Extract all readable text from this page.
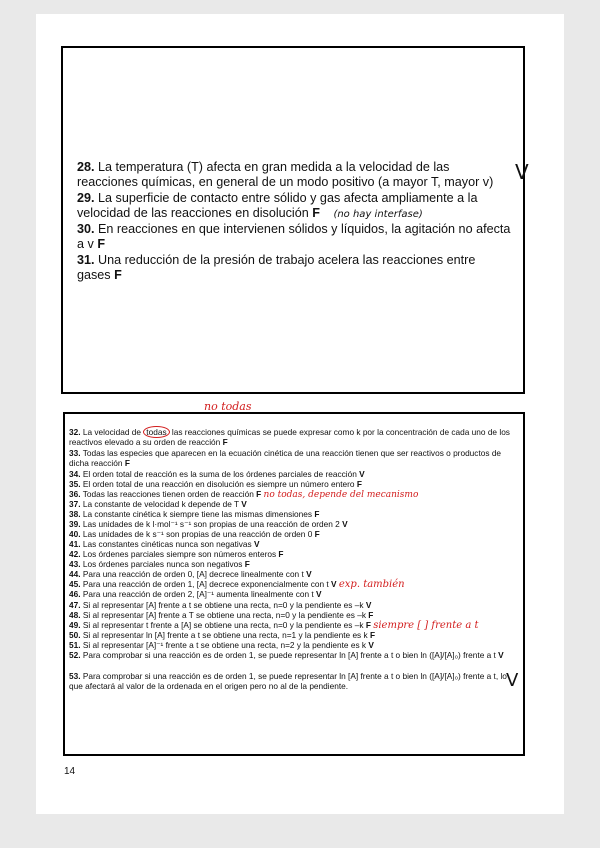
28. La temperatura (T) afecta en gran medida a la velocidad de las reacciones químicas, en general de un modo positivo (a mayor T, mayor v)	V
29. La superficie de contacto entre sólido y gas afecta ampliamente a la velocidad de las reacciones en disolución F (no hay interfase)
30. En reacciones en que intervienen sólidos y líquidos, la agitación no afecta a v F
31. Una reducción de la presión de trabajo acelera las reacciones entre gases F
no todas
32. La velocidad de todas las reacciones químicas se puede expresar como k por la concentración de cada uno de los reactivos elevado a su orden de reacción F
33. Todas las especies que aparecen en la ecuación cinética de una reacción tienen que ser reactivos o productos de dicha reacción F
34. El orden total de reacción es la suma de los órdenes parciales de reacción V
35. El orden total de una reacción en disolución es siempre un número entero F
36. Todas las reacciones tienen orden de reacción F no todas, depende del mecanismo
37. La constante de velocidad k depende de T V
38. La constante cinética k siempre tiene las mismas dimensiones F
39. Las unidades de k l·mol⁻¹ s⁻¹ son propias de una reacción de orden 2 V
40. Las unidades de k s⁻¹ son propias de una reacción de orden 0 F
41. Las constantes cinéticas nunca son negativas V
42. Los órdenes parciales siempre son números enteros F
43. Los órdenes parciales nunca son negativos F
44. Para una reacción de orden 0, [A] decrece linealmente con t V
45. Para una reacción de orden 1, [A] decrece exponencialmente con t V exp. también
46. Para una reacción de orden 2, [A]⁻¹ aumenta linealmente con t V
47. Si al representar [A] frente a t se obtiene una recta, n=0 y la pendiente es –k V
48. Si al representar [A] frente a T se obtiene una recta, n=0 y la pendiente es –k F
49. Si al representar t frente a [A] se obtiene una recta, n=0 y la pendiente es –k F siempre [ ] frente a t
50. Si al representar ln [A] frente a t se obtiene una recta, n=1 y la pendiente es k F
51. Si al representar [A]⁻¹ frente a t se obtiene una recta, n=2 y la pendiente es k V
52. Para comprobar si una reacción es de orden 1, se puede representar ln [A] frente a t o bien ln ([A]/[A]₀) frente a t V
53. Para comprobar si una reacción es de orden 1, se puede representar ln [A] frente a t o bien ln ([A]/[A]₀) frente a t, lo que afectará al valor de la ordenada en el origen pero no al de la pendiente.	V
14
